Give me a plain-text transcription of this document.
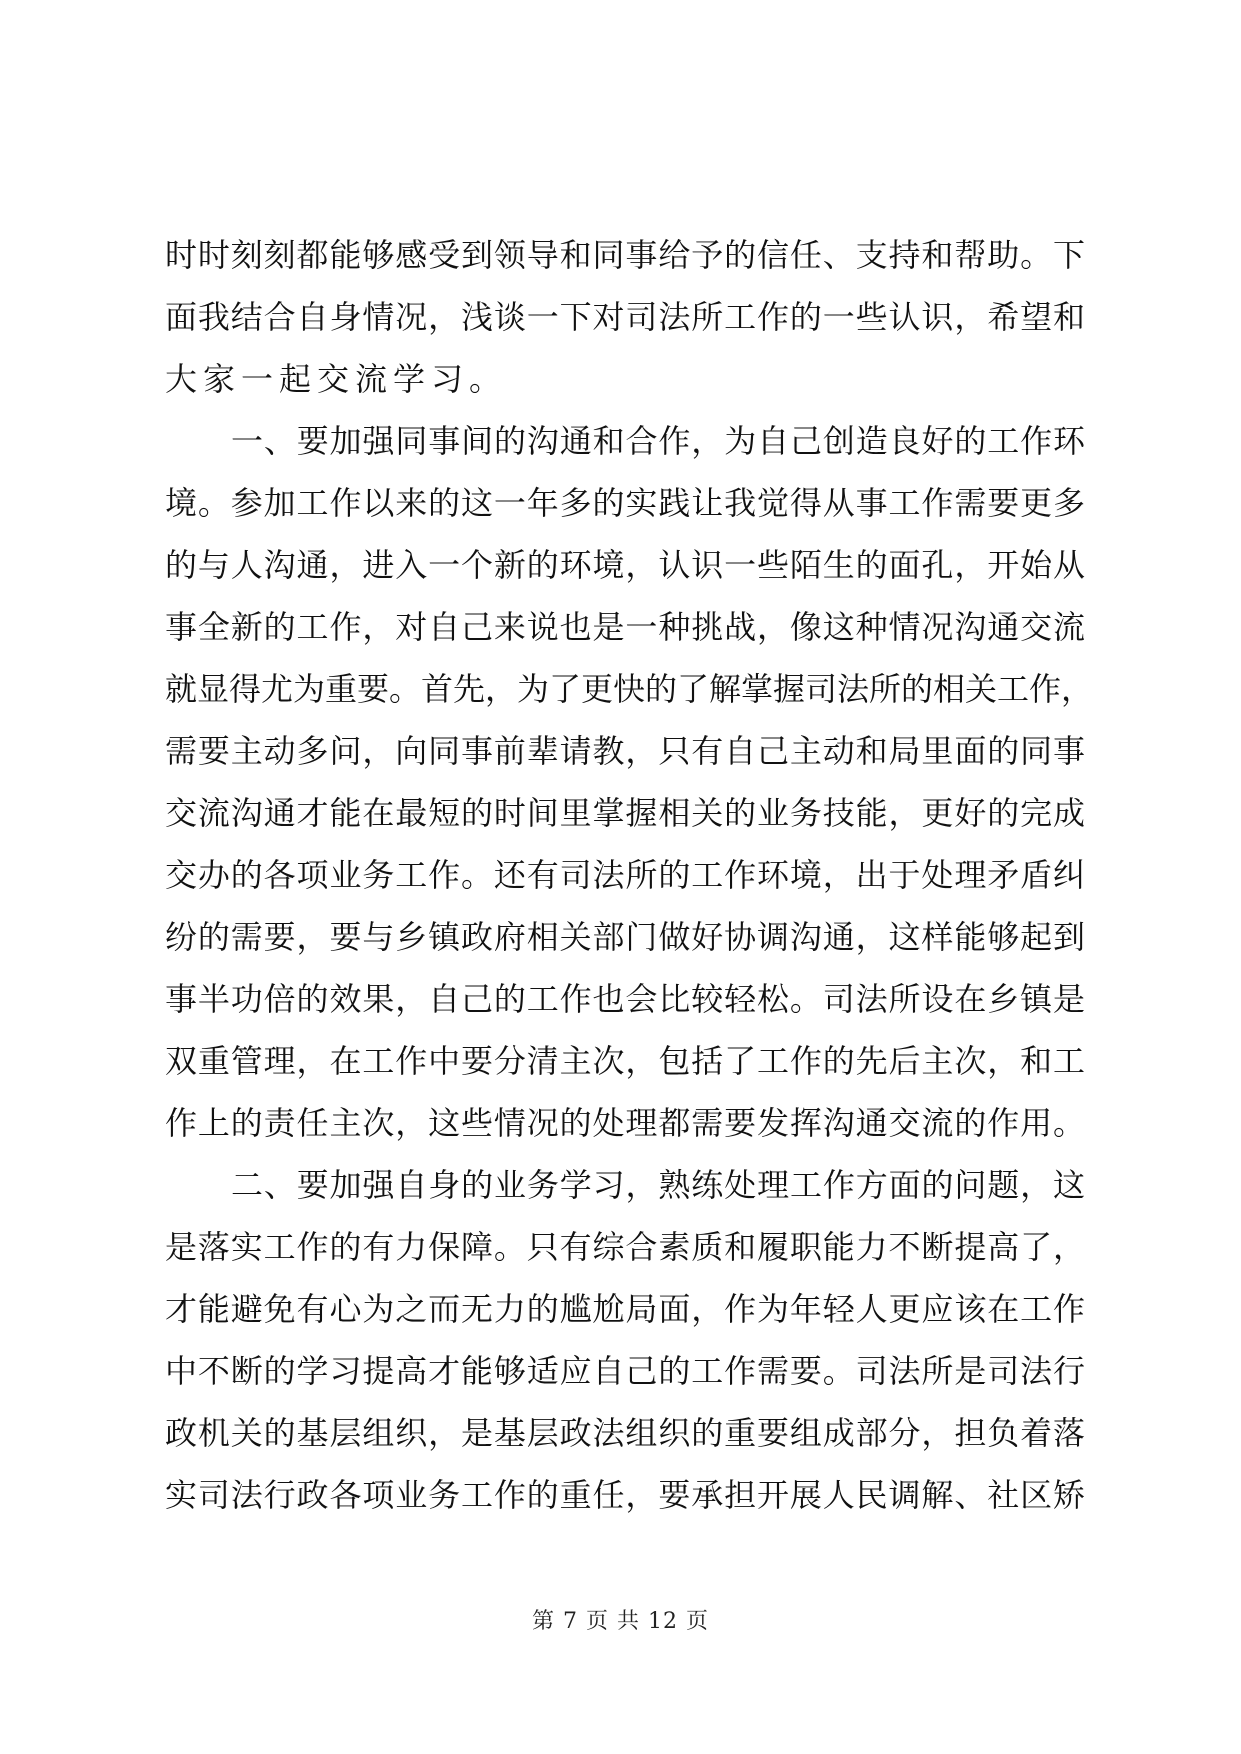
时时刻刻都能够感受到领导和同事给予的信任、支持和帮助。下
面我结合自身情况，浅谈一下对司法所工作的一些认识，希望和
大家一起交流学习。
一、要加强同事间的沟通和合作，为自己创造良好的工作环
境。参加工作以来的这一年多的实践让我觉得从事工作需要更多
的与人沟通，进入一个新的环境，认识一些陌生的面孔，开始从
事全新的工作，对自己来说也是一种挑战，像这种情况沟通交流
就显得尤为重要。首先，为了更快的了解掌握司法所的相关工作，
需要主动多问，向同事前辈请教，只有自己主动和局里面的同事
交流沟通才能在最短的时间里掌握相关的业务技能，更好的完成
交办的各项业务工作。还有司法所的工作环境，出于处理矛盾纠
纷的需要，要与乡镇政府相关部门做好协调沟通，这样能够起到
事半功倍的效果，自己的工作也会比较轻松。司法所设在乡镇是
双重管理，在工作中要分清主次，包括了工作的先后主次，和工
作上的责任主次，这些情况的处理都需要发挥沟通交流的作用。
二、要加强自身的业务学习，熟练处理工作方面的问题，这
是落实工作的有力保障。只有综合素质和履职能力不断提高了，
才能避免有心为之而无力的尴尬局面，作为年轻人更应该在工作
中不断的学习提高才能够适应自己的工作需要。司法所是司法行
政机关的基层组织，是基层政法组织的重要组成部分，担负着落
实司法行政各项业务工作的重任，要承担开展人民调解、社区矫
第 7 页 共 12 页
